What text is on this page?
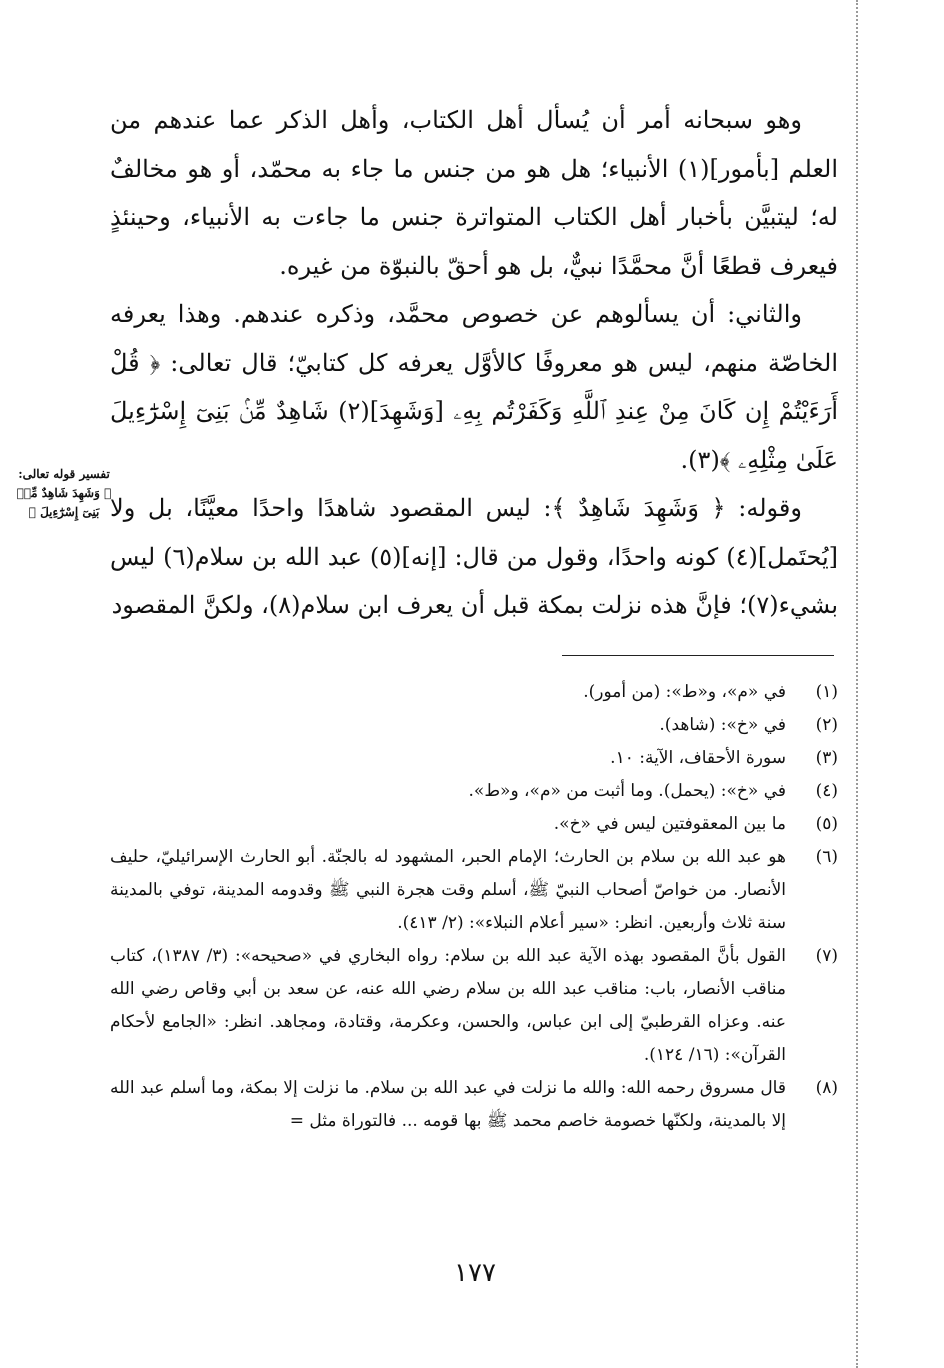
وهو سبحانه أمر أن يُسأل أهل الكتاب، وأهل الذكر عما عندهم من العلم [بأمور](١) الأنبياء؛ هل هو من جنس ما جاء به محمّد، أو هو مخالفٌ له؛ ليتبيَّن بأخبار أهل الكتاب المتواترة جنس ما جاءت به الأنبياء، وحينئذٍ فيعرف قطعًا أنَّ محمَّدًا نبيٌّ، بل هو أحقّ بالنبوّة من غيره.

والثاني: أن يسألوهم عن خصوص محمَّد، وذكره عندهم. وهذا يعرفه الخاصّة منهم، ليس هو معروفًا كالأوَّل يعرفه كل كتابيّ؛ قال تعالى: ﴿ قُلْ أَرَءَيْتُمْ إِن كَانَ مِنْ عِندِ ٱللَّهِ وَكَفَرْتُم بِهِۦ [وَشَهِدَ](٢) شَاهِدٌ مِّنۢ بَنِىٓ إِسْرَٰٓءِيلَ عَلَىٰ مِثْلِهِۦ ﴾(٣).

وقوله: ﴿ وَشَهِدَ شَاهِدٌ ﴾: ليس المقصود شاهدًا واحدًا معيَّنًا، بل ولا [يُحتَمل](٤) كونه واحدًا، وقول من قال: [إنه](٥) عبد الله بن سلام(٦) ليس بشيء(٧)؛ فإنَّ هذه نزلت بمكة قبل أن يعرف ابن سلام(٨)، ولكنَّ المقصود

تفسير قوله تعالى: ﴿ وَشَهِدَ شَاهِدٌ مِّنۢ بَنِىٓ إِسْرَٰٓءِيلَ ﴾
(١)
في «م»، و«ط»: (من أمور).
(٢)
في «خ»: (شاهد).
(٣)
سورة الأحقاف، الآية: ١٠.
(٤)
في «خ»: (يحمل). وما أثبت من «م»، و«ط».
(٥)
ما بين المعقوفتين ليس في «خ».
(٦)
هو عبد الله بن سلام بن الحارث؛ الإمام الحبر، المشهود له بالجنّة. أبو الحارث الإسرائيليّ، حليف الأنصار. من خواصّ أصحاب النبيّ ﷺ، أسلم وقت هجرة النبي ﷺ وقدومه المدينة، توفي بالمدينة سنة ثلاث وأربعين. انظر: «سير أعلام النبلاء»: (٢/ ٤١٣).
(٧)
القول بأنَّ المقصود بهذه الآية عبد الله بن سلام: رواه البخاري في «صحيحه»: (٣/ ١٣٨٧)، كتاب مناقب الأنصار، باب: مناقب عبد الله بن سلام رضي الله عنه، عن سعد بن أبي وقاص رضي الله عنه. وعزاه القرطبيّ إلى ابن عباس، والحسن، وعكرمة، وقتادة، ومجاهد. انظر: «الجامع لأحكام القرآن»: (١٦/ ١٢٤).
(٨)
قال مسروق رحمه الله: والله ما نزلت في عبد الله بن سلام. ما نزلت إلا بمكة، وما أسلم عبد الله إلا بالمدينة، ولكنّها خصومة خاصم محمد ﷺ بها قومه ... فالتوراة مثل =
١٧٧
